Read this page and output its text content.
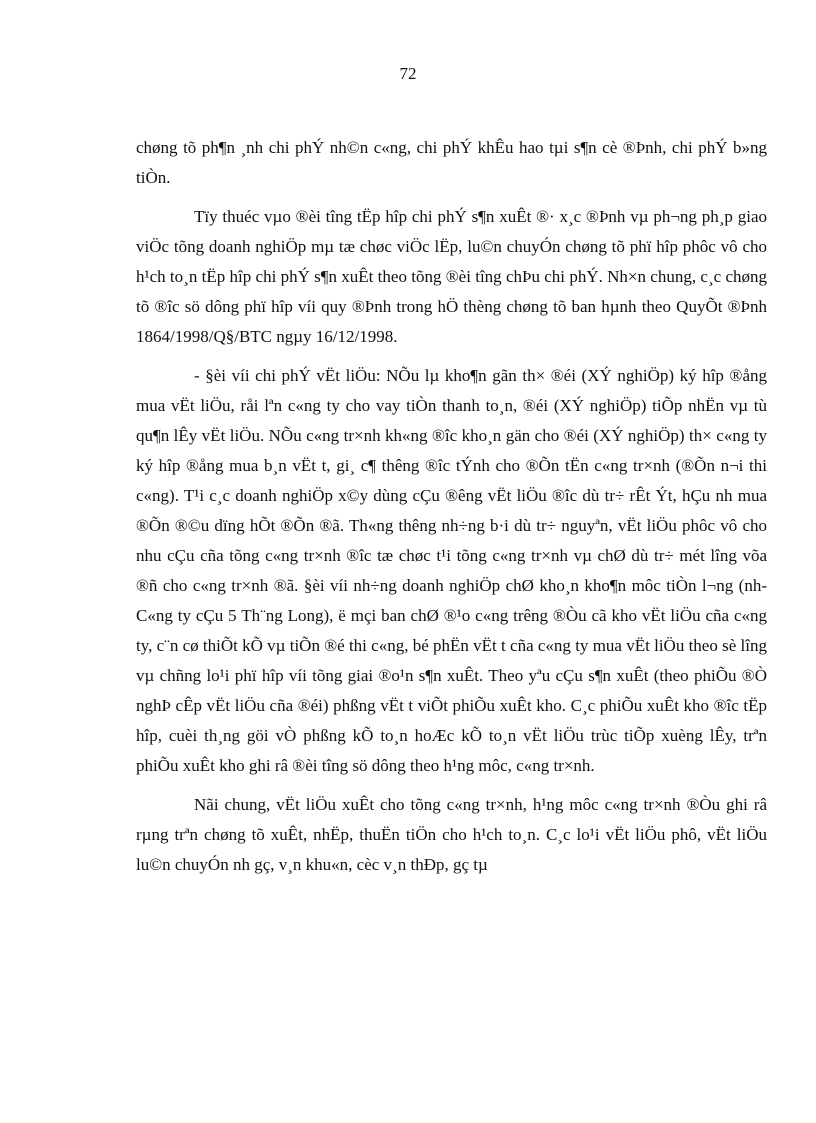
72

chøng tõ ph¶n ¸nh chi phÝ nh©n c«ng, chi phÝ khÊu hao tµi s¶n cè ®Þnh, chi phÝ b»ng tiÒn.

Tïy thuéc vµo ®èi tîng tËp hîp chi phÝ s¶n xuÊt ®· x¸c ®Þnh vµ ph¬ng ph¸p giao viÖc tõng doanh nghiÖp mµ tæ chøc viÖc lËp, lu©n chuyÓn chøng tõ phï hîp phôc vô cho h¹ch to¸n tËp hîp chi phÝ s¶n xuÊt theo tõng ®èi tîng chÞu chi phÝ. Nh×n chung, c¸c chøng tõ ®îc sö dông phï hîp víi quy ®Þnh trong hÖ thèng chøng tõ ban hµnh theo QuyÕt ®Þnh 1864/1998/Q§/BTC ngµy 16/12/1998.

- §èi víi chi phÝ vËt liÖu: NÕu lµ kho¶n gãn th× ®éi (XÝ nghiÖp) ký hîp ®ång mua vËt liÖu, råi lªn c«ng ty cho vay tiÒn thanh to¸n, ®éi (XÝ nghiÖp) tiÕp nhËn vµ tù qu¶n lÊy vËt liÖu. NÕu c«ng tr×nh kh«ng ®îc kho¸n gän cho ®éi (XÝ nghiÖp) th× c«ng ty ký hîp ®ång mua b¸n vËt t, gi¸ c¶ thêng ®îc tÝnh cho ®Õn tËn c«ng tr×nh (®Õn n¬i thi c«ng). T¹i c¸c doanh nghiÖp x©y dùng cÇu ®êng vËt liÖu ®îc dù tr÷ rÊt Ýt, hÇu nh mua ®Õn ®©u dïng hÕt ®Õn ®ã. Th«ng thêng nh÷ng b·i dù tr÷ nguyªn, vËt liÖu phôc vô cho nhu cÇu cña tõng c«ng tr×nh ®îc tæ chøc t¹i tõng c«ng tr×nh vµ chØ dù tr÷ mét lîng võa ®ñ cho c«ng tr×nh ®ã. §èi víi nh÷ng doanh nghiÖp chØ kho¸n kho¶n môc tiÒn l¬ng (nh C«ng ty cÇu 5 Th¨ng Long), ë mçi ban chØ ®¹o c«ng trêng ®Òu cã kho vËt liÖu cña c«ng ty, c¨n cø thiÕt kÕ vµ tiÕn ®é thi c«ng, bé phËn vËt t cña c«ng ty mua vËt liÖu theo sè lîng vµ chñng lo¹i phï hîp víi tõng giai ®o¹n s¶n xuÊt. Theo yªu cÇu s¶n xuÊt (theo phiÕu ®Ò nghÞ cÊp vËt liÖu cña ®éi) phßng vËt t viÕt phiÕu xuÊt kho. C¸c phiÕu xuÊt kho ®îc tËp hîp, cuèi th¸ng göi vÒ phßng kÕ to¸n hoÆc kÕ to¸n vËt liÖu trùc tiÕp xuèng lÊy, trªn phiÕu xuÊt kho ghi râ ®èi tîng sö dông theo h¹ng môc, c«ng tr×nh.

Nãi chung, vËt liÖu xuÊt cho tõng c«ng tr×nh, h¹ng môc c«ng tr×nh ®Òu ghi râ rµng trªn chøng tõ xuÊt, nhËp, thuËn tiÖn cho h¹ch to¸n. C¸c lo¹i vËt liÖu phô, vËt liÖu lu©n chuyÓn nh gç, v¸n khu«n, cèc v¸n thÐp, gç tµ
